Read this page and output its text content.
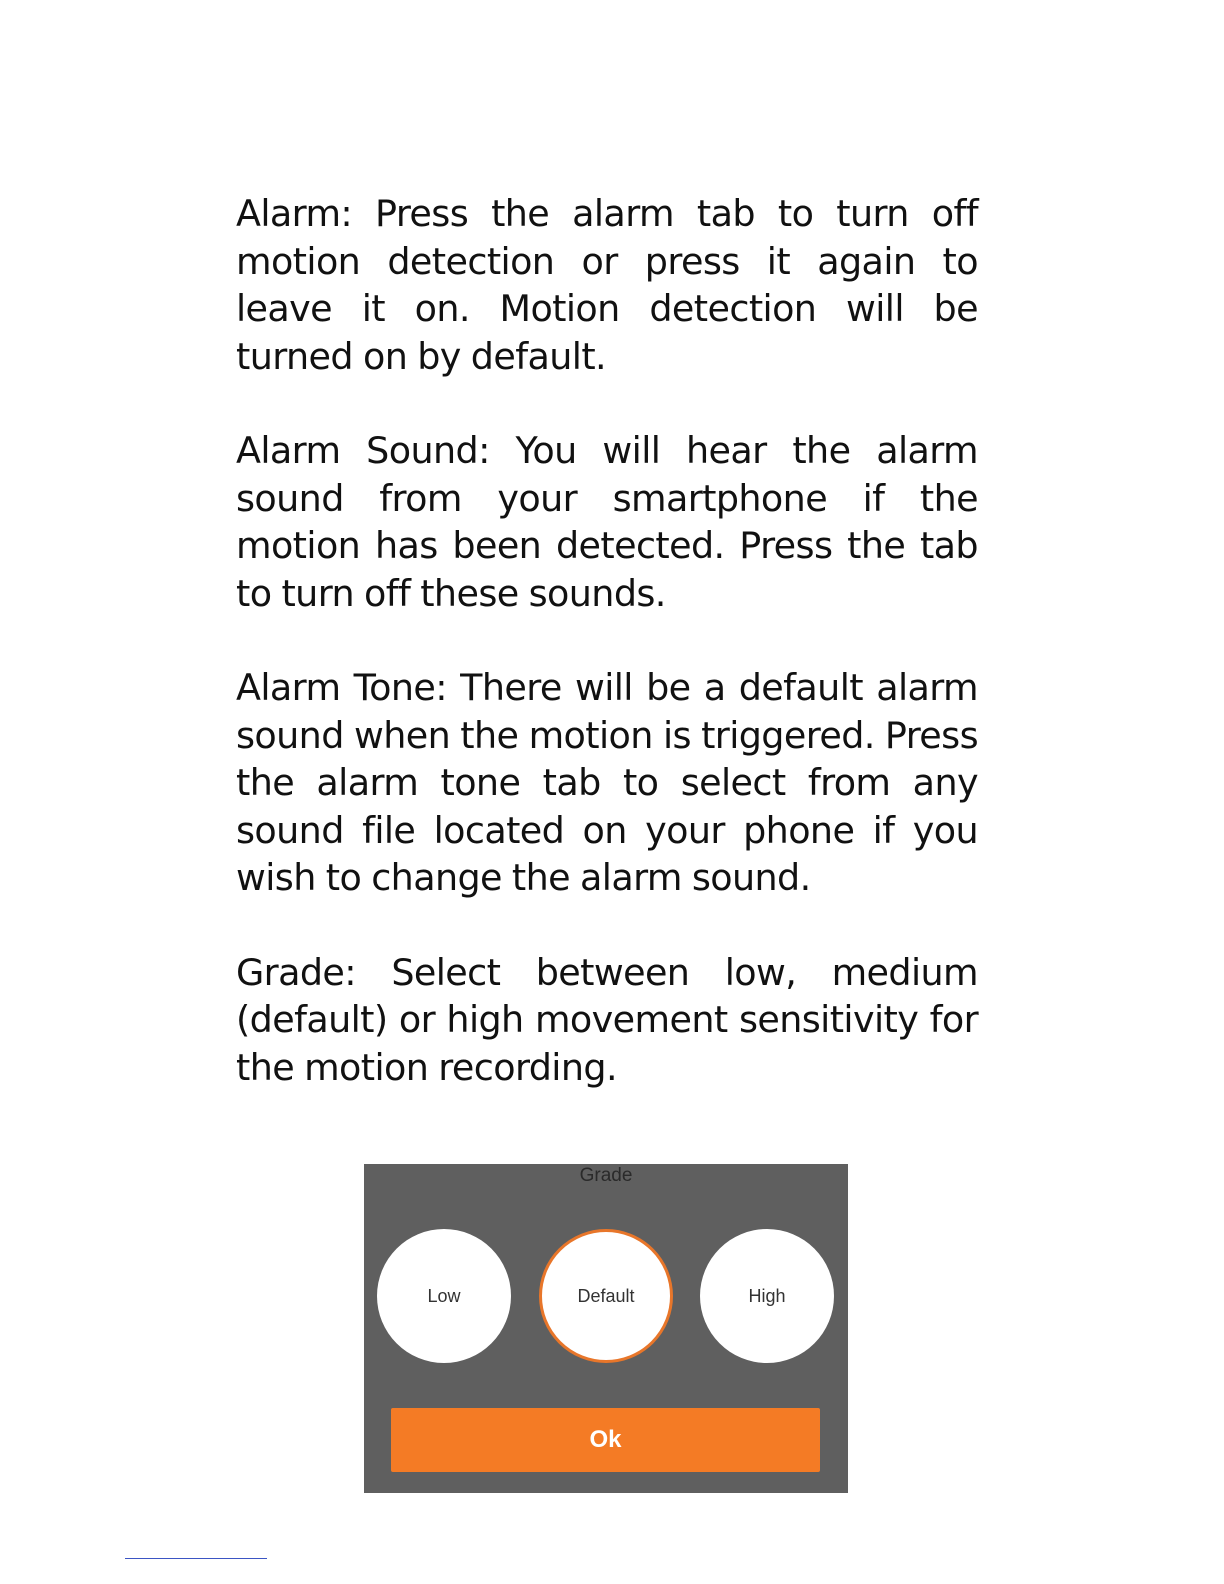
Alarm: Press the alarm tab to turn off motion detection or press it again to leave it on. Motion detection will be turned on by default.

Alarm Sound: You will hear the alarm sound from your smartphone if the motion has been detected. Press the tab to turn off these sounds.

Alarm Tone: There will be a default alarm sound when the motion is triggered. Press the alarm tone tab to select from any sound file located on your phone if you wish to change the alarm sound.

Grade: Select between low, medium (default) or high movement sensitivity for the motion recording.

Grade
Low	Default	High
Ok
